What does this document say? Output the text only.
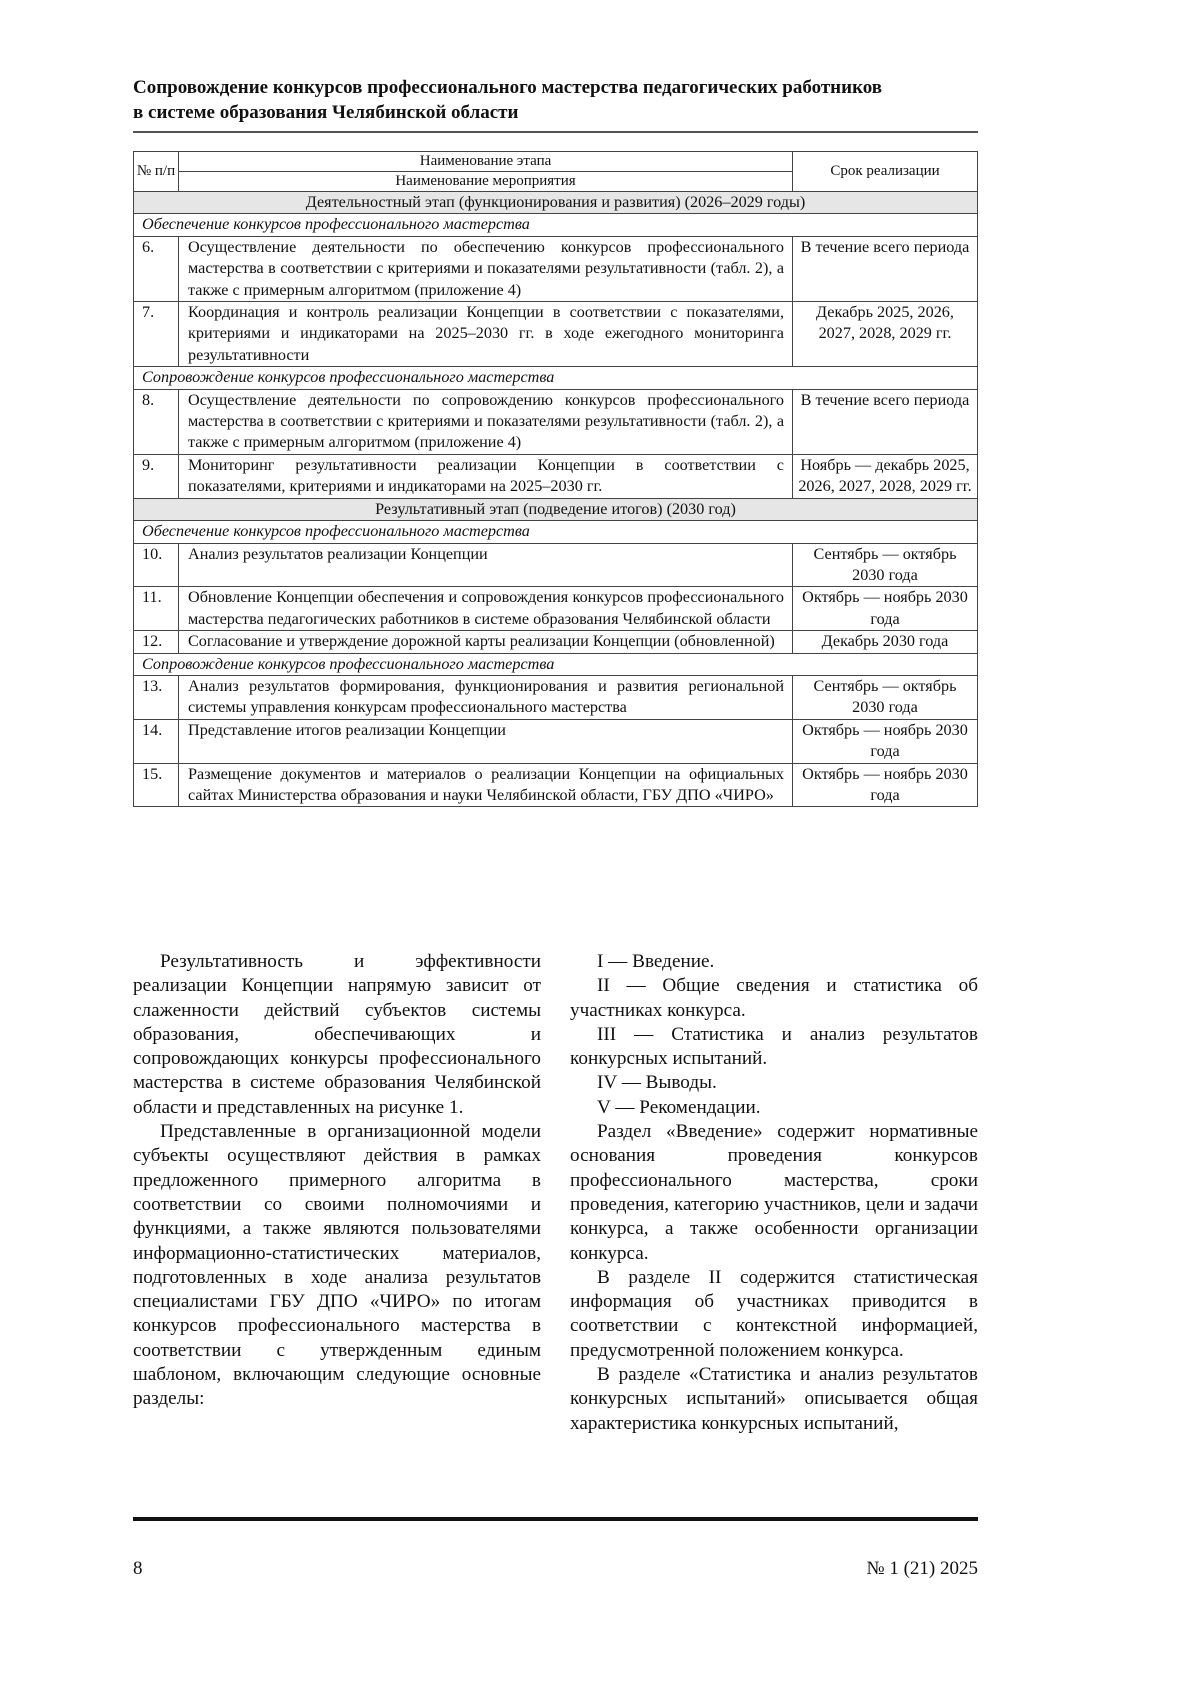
Сопровождение конкурсов профессионального мастерства педагогических работников
в системе образования Челябинской области
№ п/п	Наименование этапа	Срок реализации
	Наименование мероприятия	
Деятельностный этап (функционирования и развития) (2026–2029 годы)		
Обеспечение конкурсов профессионального мастерства		
6.	Осуществление деятельности по обеспечению конкурсов профессионального мастерства в соответствии с критериями и показателями результативности (табл. 2), а также с примерным алгоритмом (приложение 4)	В течение всего периода
7.	Координация и контроль реализации Концепции в соответствии с показателями, критериями и индикаторами на 2025–2030 гг. в ходе ежегодного мониторинга результативности	Декабрь 2025, 2026, 2027, 2028, 2029 гг.
Сопровождение конкурсов профессионального мастерства		
8.	Осуществление деятельности по сопровождению конкурсов профессионального мастерства в соответствии с критериями и показателями результативности (табл. 2), а также с примерным алгоритмом (приложение 4)	В течение всего периода
9.	Мониторинг результативности реализации Концепции в соответствии с показателями, критериями и индикаторами на 2025–2030 гг.	Ноябрь — декабрь 2025, 2026, 2027, 2028, 2029 гг.
Результативный этап (подведение итогов) (2030 год)		
Обеспечение конкурсов профессионального мастерства		
10.	Анализ результатов реализации Концепции	Сентябрь — октябрь 2030 года
11.	Обновление Концепции обеспечения и сопровождения конкурсов профессионального мастерства педагогических работников в системе образования Челябинской области	Октябрь — ноябрь 2030 года
12.	Согласование и утверждение дорожной карты реализации Концепции (обновленной)	Декабрь 2030 года
Сопровождение конкурсов профессионального мастерства		
13.	Анализ результатов формирования, функционирования и развития региональной системы управления конкурсам профессионального мастерства	Сентябрь — октябрь 2030 года
14.	Представление итогов реализации Концепции	Октябрь — ноябрь 2030 года
15.	Размещение документов и материалов о реализации Концепции на официальных сайтах Министерства образования и науки Челябинской области, ГБУ ДПО «ЧИРО»	Октябрь — ноябрь 2030 года

Результативность и эффективности реализации Концепции напрямую зависит от слаженности действий субъектов системы образования, обеспечивающих и сопровождающих конкурсы профессионального мастерства в системе образования Челябинской области и представленных на рисунке 1.

Представленные в организационной модели субъекты осуществляют действия в рамках предложенного примерного алгоритма в соответствии со своими полномочиями и функциями, а также являются пользователями информационно-статистических материалов, подготовленных в ходе анализа результатов специалистами ГБУ ДПО «ЧИРО» по итогам конкурсов профессионального мастерства в соответствии с утвержденным единым шаблоном, включающим следующие основные разделы:

I — Введение.

II — Общие сведения и статистика об участниках конкурса.

III — Статистика и анализ результатов конкурсных испытаний.

IV — Выводы.

V — Рекомендации.

Раздел «Введение» содержит нормативные основания проведения конкурсов профессионального мастерства, сроки проведения, категорию участников, цели и задачи конкурса, а также особенности организации конкурса.

В разделе II содержится статистическая информация об участниках приводится в соответствии с контекстной информацией, предусмотренной положением конкурса.

В разделе «Статистика и анализ результатов конкурсных испытаний» описывается общая характеристика конкурсных испытаний,

8	№ 1 (21) 2025
